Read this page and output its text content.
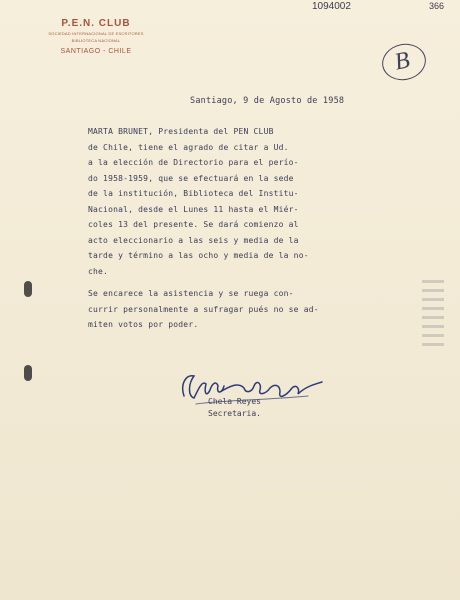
1094002	366
B
P.E.N. CLUB
SOCIEDAD INTERNACIONAL DE ESCRITORES
BIBLIOTECA NACIONAL
SANTIAGO - CHILE
Santiago, 9 de Agosto de 1958

MARTA BRUNET, Presidenta del PEN CLUB
de Chile, tiene el agrado de citar a Ud.
a la elección de Directorio para el perío-
do 1958-1959, que se efectuará en la sede
de la institución, Biblioteca del Institu-
Nacional, desde el Lunes 11 hasta el Miér-
coles 13 del presente. Se dará comienzo al
acto eleccionario a las seis y media de la
tarde y término a las ocho y media de la no-
che.

Se encarece la asistencia y se ruega con-
currir personalmente a sufragar pués no se ad-
miten votos por poder.

Chela Reyes
Secretaria.
